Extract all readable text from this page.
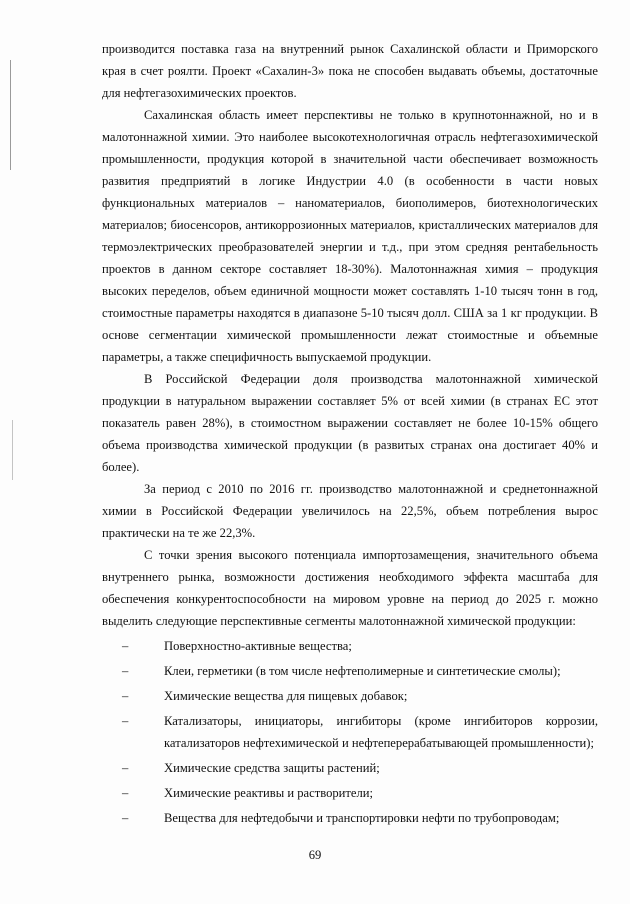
производится поставка газа на внутренний рынок Сахалинской области и Приморского края в счет роялти. Проект «Сахалин-3» пока не способен выдавать объемы, достаточные для нефтегазохимических проектов.

Сахалинская область имеет перспективы не только в крупнотоннажной, но и в малотоннажной химии. Это наиболее высокотехнологичная отрасль нефтегазохимической промышленности, продукция которой в значительной части обеспечивает возможность развития предприятий в логике Индустрии 4.0 (в особенности в части новых функциональных материалов – наноматериалов, биополимеров, биотехнологических материалов; биосенсоров, антикоррозионных материалов, кристаллических материалов для термоэлектрических преобразователей энергии и т.д., при этом средняя рентабельность проектов в данном секторе составляет 18-30%). Малотоннажная химия – продукция высоких переделов, объем единичной мощности может составлять 1-10 тысяч тонн в год, стоимостные параметры находятся в диапазоне 5-10 тысяч долл. США за 1 кг продукции. В основе сегментации химической промышленности лежат стоимостные и объемные параметры, а также специфичность выпускаемой продукции.

В Российской Федерации доля производства малотоннажной химической продукции в натуральном выражении составляет 5% от всей химии (в странах ЕС этот показатель равен 28%), в стоимостном выражении составляет не более 10-15% общего объема производства химической продукции (в развитых странах она достигает 40% и более).

За период с 2010 по 2016 гг. производство малотоннажной и среднетоннажной химии в Российской Федерации увеличилось на 22,5%, объем потребления вырос практически на те же 22,3%.

С точки зрения высокого потенциала импортозамещения, значительного объема внутреннего рынка, возможности достижения необходимого эффекта масштаба для обеспечения конкурентоспособности на мировом уровне на период до 2025 г. можно выделить следующие перспективные сегменты малотоннажной химической продукции:

–	Поверхностно-активные вещества;
–	Клеи, герметики (в том числе нефтеполимерные и синтетические смолы);
–	Химические вещества для пищевых добавок;
–	Катализаторы, инициаторы, ингибиторы (кроме ингибиторов коррозии, катализаторов нефтехимической и нефтеперерабатывающей промышленности);
–	Химические средства защиты растений;
–	Химические реактивы и растворители;
–	Вещества для нефтедобычи и транспортировки нефти по трубопроводам;
69
